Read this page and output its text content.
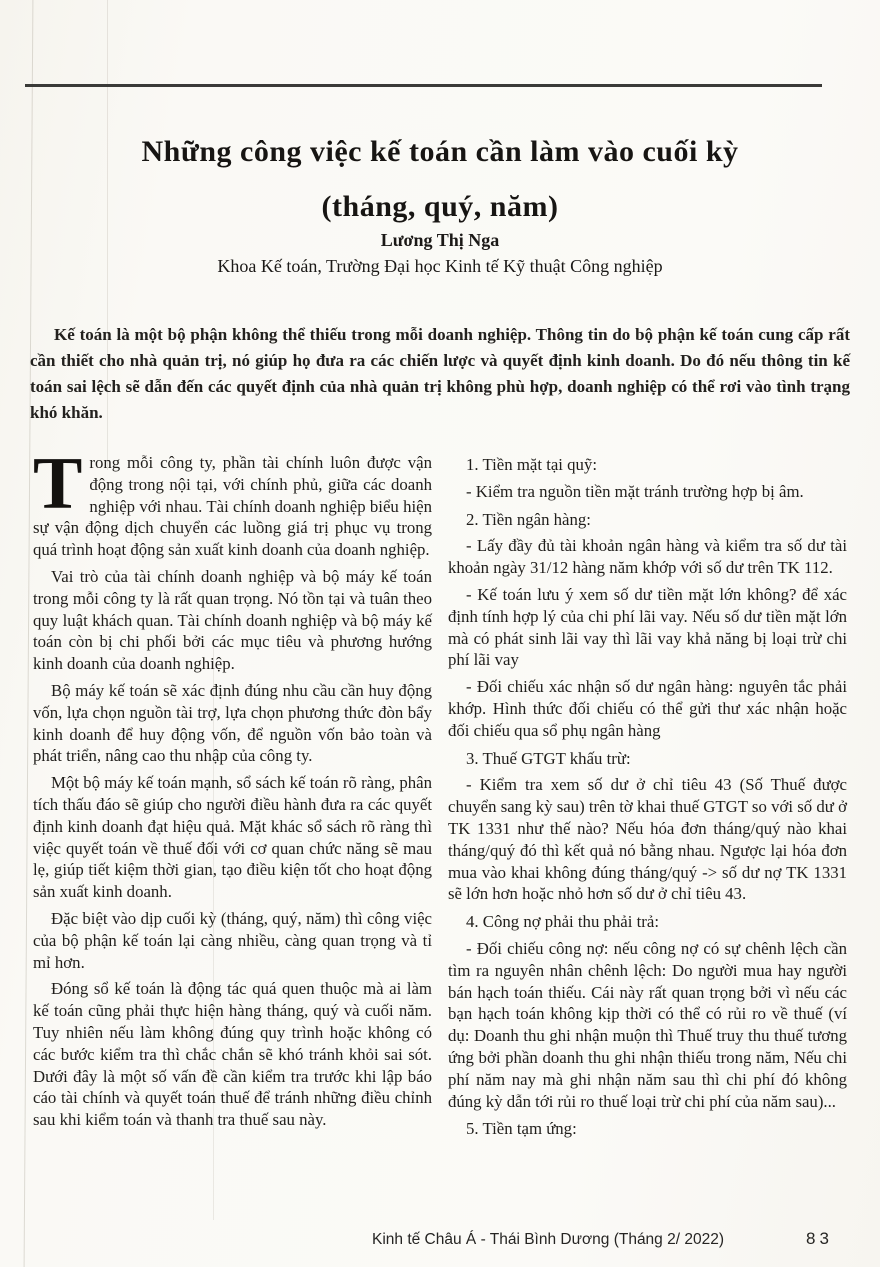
Những công việc kế toán cần làm vào cuối kỳ
(tháng, quý, năm)
Lương Thị Nga
Khoa Kế toán, Trường Đại học Kinh tế Kỹ thuật Công nghiệp

Kế toán là một bộ phận không thể thiếu trong mỗi doanh nghiệp. Thông tin do bộ phận kế toán cung cấp rất cần thiết cho nhà quản trị, nó giúp họ đưa ra các chiến lược và quyết định kinh doanh. Do đó nếu thông tin kế toán sai lệch sẽ dẫn đến các quyết định của nhà quản trị không phù hợp, doanh nghiệp có thể rơi vào tình trạng khó khăn.

Trong mỗi công ty, phần tài chính luôn được vận động trong nội tại, với chính phủ, giữa các doanh nghiệp với nhau. Tài chính doanh nghiệp biểu hiện sự vận động dịch chuyển các luồng giá trị phục vụ trong quá trình hoạt động sản xuất kinh doanh của doanh nghiệp.

Vai trò của tài chính doanh nghiệp và bộ máy kế toán trong mỗi công ty là rất quan trọng. Nó tồn tại và tuân theo quy luật khách quan. Tài chính doanh nghiệp và bộ máy kế toán còn bị chi phối bởi các mục tiêu và phương hướng kinh doanh của doanh nghiệp.

Bộ máy kế toán sẽ xác định đúng nhu cầu cần huy động vốn, lựa chọn nguồn tài trợ, lựa chọn phương thức đòn bẩy kinh doanh để huy động vốn, để nguồn vốn bảo toàn và phát triển, nâng cao thu nhập của công ty.

Một bộ máy kế toán mạnh, sổ sách kế toán rõ ràng, phân tích thấu đáo sẽ giúp cho người điều hành đưa ra các quyết định kinh doanh đạt hiệu quả. Mặt khác sổ sách rõ ràng thì việc quyết toán về thuế đối với cơ quan chức năng sẽ mau lẹ, giúp tiết kiệm thời gian, tạo điều kiện tốt cho hoạt động sản xuất kinh doanh.

Đặc biệt vào dịp cuối kỳ (tháng, quý, năm) thì công việc của bộ phận kế toán lại càng nhiều, càng quan trọng và tỉ mỉ hơn.

Đóng sổ kế toán là động tác quá quen thuộc mà ai làm kế toán cũng phải thực hiện hàng tháng, quý và cuối năm. Tuy nhiên nếu làm không đúng quy trình hoặc không có các bước kiểm tra thì chắc chắn sẽ khó tránh khỏi sai sót. Dưới đây là một số vấn đề cần kiểm tra trước khi lập báo cáo tài chính và quyết toán thuế để tránh những điều chỉnh sau khi kiểm toán và thanh tra thuế sau này.

1. Tiền mặt tại quỹ:

- Kiểm tra nguồn tiền mặt tránh trường hợp bị âm.

2. Tiền ngân hàng:

- Lấy đầy đủ tài khoản ngân hàng và kiểm tra số dư tài khoản ngày 31/12 hàng năm khớp với số dư trên TK 112.

- Kế toán lưu ý xem số dư tiền mặt lớn không? để xác định tính hợp lý của chi phí lãi vay. Nếu số dư tiền mặt lớn mà có phát sinh lãi vay thì lãi vay khả năng bị loại trừ chi phí lãi vay

- Đối chiếu xác nhận số dư ngân hàng: nguyên tắc phải khớp. Hình thức đối chiếu có thể gửi thư xác nhận hoặc đối chiếu qua sổ phụ ngân hàng

3. Thuế GTGT khấu trừ:

- Kiểm tra xem số dư ở chỉ tiêu 43 (Số Thuế được chuyển sang kỳ sau) trên tờ khai thuế GTGT so với số dư ở TK 1331 như thế nào? Nếu hóa đơn tháng/quý nào khai tháng/quý đó thì kết quả nó bằng nhau. Ngược lại hóa đơn mua vào khai không đúng tháng/quý -> số dư nợ TK 1331 sẽ lớn hơn hoặc nhỏ hơn số dư ở chỉ tiêu 43.

4. Công nợ phải thu phải trả:

- Đối chiếu công nợ: nếu công nợ có sự chênh lệch cần tìm ra nguyên nhân chênh lệch: Do người mua hay người bán hạch toán thiếu. Cái này rất quan trọng bởi vì nếu các bạn hạch toán không kịp thời có thể có rủi ro về thuế (ví dụ: Doanh thu ghi nhận muộn thì Thuế truy thu thuế tương ứng bởi phần doanh thu ghi nhận thiếu trong năm, Nếu chi phí năm nay mà ghi nhận năm sau thì chi phí đó không đúng kỳ dẫn tới rủi ro thuế loại trừ chi phí của năm sau)...

5. Tiền tạm ứng:

Kinh tế Châu Á - Thái Bình Dương (Tháng 2/ 2022)	83
